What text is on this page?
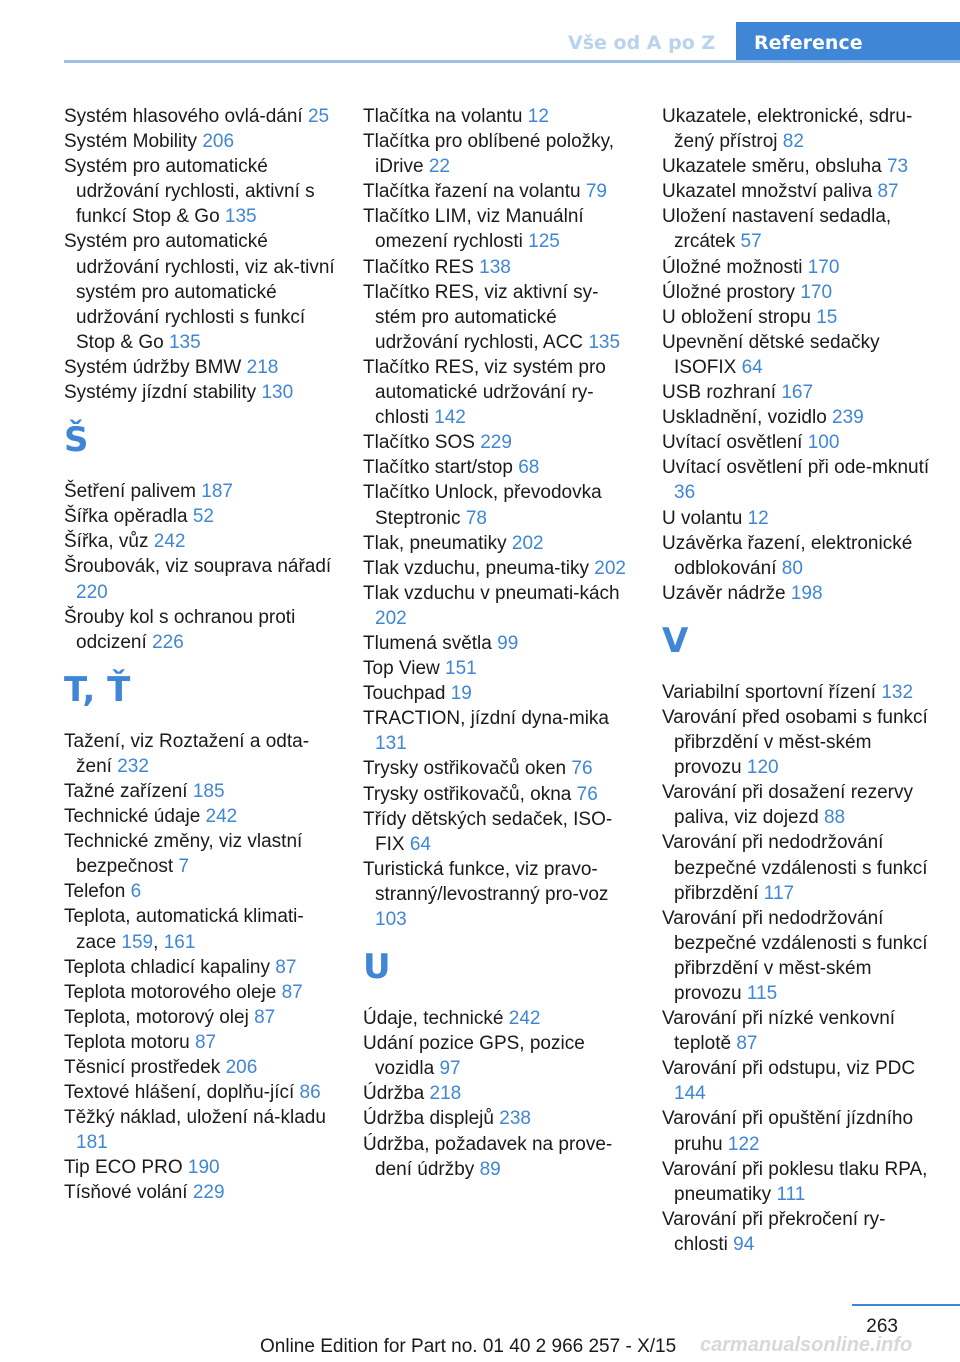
Vše od A po Z	Reference

Systém hlasového ovlá‐dání 25

Systém Mobility 206

Systém pro automatické udržování rychlosti, aktivní s funkcí Stop & Go 135

Systém pro automatické udržování rychlosti, viz ak‐tivní systém pro automatické udržování rychlosti s funkcí Stop & Go 135

Systém údržby BMW 218

Systémy jízdní stability 130

Š

Šetření palivem 187

Šířka opěradla 52

Šířka, vůz 242

Šroubovák, viz souprava nářadí 220

Šrouby kol s ochranou proti odcizení 226

T, Ť

Tažení, viz Roztažení a odta‐žení 232

Tažné zařízení 185

Technické údaje 242

Technické změny, viz vlastní bezpečnost 7

Telefon 6

Teplota, automatická klimati‐zace 159, 161

Teplota chladicí kapaliny 87

Teplota motorového oleje 87

Teplota, motorový olej 87

Teplota motoru 87

Těsnicí prostředek 206

Textové hlášení, doplňu‐jící 86

Těžký náklad, uložení ná‐kladu 181

Tip ECO PRO 190

Tísňové volání 229

Tlačítka na volantu 12

Tlačítka pro oblíbené položky, iDrive 22

Tlačítka řazení na volantu 79

Tlačítko LIM, viz Manuální omezení rychlosti 125

Tlačítko RES 138

Tlačítko RES, viz aktivní sy‐stém pro automatické udržování rychlosti, ACC 135

Tlačítko RES, viz systém pro automatické udržování ry‐chlosti 142

Tlačítko SOS 229

Tlačítko start/stop 68

Tlačítko Unlock, převodovka Steptronic 78

Tlak, pneumatiky 202

Tlak vzduchu, pneuma‐tiky 202

Tlak vzduchu v pneumati‐kách 202

Tlumená světla 99

Top View 151

Touchpad 19

TRACTION, jízdní dyna‐mika 131

Trysky ostřikovačů oken 76

Trysky ostřikovačů, okna 76

Třídy dětských sedaček, ISO‐FIX 64

Turistická funkce, viz pravo‐stranný/levostranný pro‐voz 103

U

Údaje, technické 242

Udání pozice GPS, pozice vozidla 97

Údržba 218

Údržba displejů 238

Údržba, požadavek na prove‐dení údržby 89

Ukazatele, elektronické, sdru‐žený přístroj 82

Ukazatele směru, obsluha 73

Ukazatel množství paliva 87

Uložení nastavení sedadla, zrcátek 57

Úložné možnosti 170

Úložné prostory 170

U obložení stropu 15

Upevnění dětské sedačky ISOFIX 64

USB rozhraní 167

Uskladnění, vozidlo 239

Uvítací osvětlení 100

Uvítací osvětlení při ode‐mknutí 36

U volantu 12

Uzávěrka řazení, elektronické odblokování 80

Uzávěr nádrže 198

V

Variabilní sportovní řízení 132

Varování před osobami s funkcí přibrzdění v měst‐ském provozu 120

Varování při dosažení rezervy paliva, viz dojezd 88

Varování při nedodržování bezpečné vzdálenosti s funkcí přibrzdění 117

Varování při nedodržování bezpečné vzdálenosti s funkcí přibrzdění v měst‐ském provozu 115

Varování při nízké venkovní teplotě 87

Varování při odstupu, viz PDC 144

Varování při opuštění jízdního pruhu 122

Varování při poklesu tlaku RPA, pneumatiky 111

Varování při překročení ry‐chlosti 94

263
Online Edition for Part no. 01 40 2 966 257 - X/15 carmanualsonline.info
